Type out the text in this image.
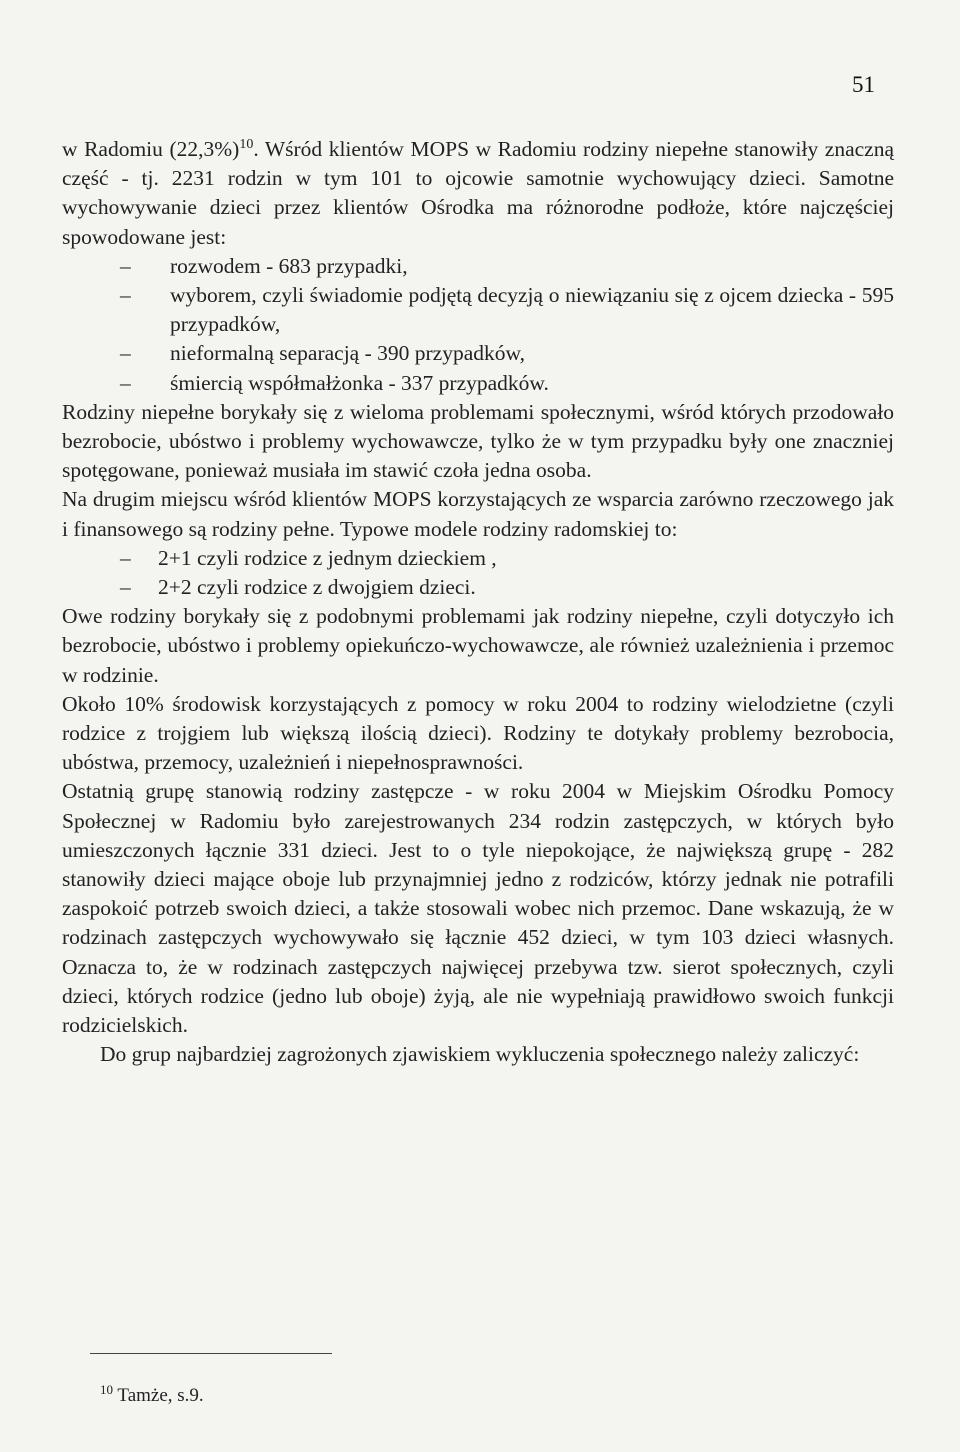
51

w Radomiu $(22,3\%)^{10}$. Wśród klientów MOPS w Radomiu rodziny niepełne stanowiły znaczną część - tj. 2231 rodzin w tym 101 to ojcowie samotnie wychowujący dzieci. Samotne wychowywanie dzieci przez klientów Ośrodka ma różnorodne podłoże, które najczęściej spowodowane jest:

– rozwodem - 683 przypadki,
– wyborem, czyli świadomie podjętą decyzją o niewiązaniu się z ojcem dziecka - 595 przypadków,
– nieformalną separacją - 390 przypadków,
– śmiercią współmałżonka - 337 przypadków.

Rodziny niepełne borykały się z wieloma problemami społecznymi, wśród których przodowało bezrobocie, ubóstwo i problemy wychowawcze, tylko że w tym przypadku były one znaczniej spotęgowane, ponieważ musiała im stawić czoła jedna osoba.

Na drugim miejscu wśród klientów MOPS korzystających ze wsparcia zarówno rzeczowego jak i finansowego są rodziny pełne. Typowe modele rodziny radomskiej to:

– 2+1 czyli rodzice z jednym dzieckiem ,
– 2+2 czyli rodzice z dwojgiem dzieci.

Owe rodziny borykały się z podobnymi problemami jak rodziny niepełne, czyli dotyczyło ich bezrobocie, ubóstwo i problemy opiekuńczo-wychowawcze, ale również uzależnienia i przemoc w rodzinie.

Około 10% środowisk korzystających z pomocy w roku 2004 to rodziny wielodzietne (czyli rodzice z trojgiem lub większą ilością dzieci). Rodziny te dotykały problemy bezrobocia, ubóstwa, przemocy, uzależnień i niepełnosprawności.

Ostatnią grupę stanowią rodziny zastępcze - w roku 2004 w Miejskim Ośrodku Pomocy Społecznej w Radomiu było zarejestrowanych 234 rodzin zastępczych, w których było umieszczonych łącznie 331 dzieci. Jest to o tyle niepokojące, że największą grupę - 282 stanowiły dzieci mające oboje lub przynajmniej jedno z rodziców, którzy jednak nie potrafili zaspokoić potrzeb swoich dzieci, a także stosowali wobec nich przemoc. Dane wskazują, że w rodzinach zastępczych wychowywało się łącznie 452 dzieci, w tym 103 dzieci własnych. Oznacza to, że w rodzinach zastępczych najwięcej przebywa tzw. sierot społecznych, czyli dzieci, których rodzice (jedno lub oboje) żyją, ale nie wypełniają prawidłowo swoich funkcji rodzicielskich.

Do grup najbardziej zagrożonych zjawiskiem wykluczenia społecznego należy zaliczyć:

$^{10}$ Tamże, s.9.
